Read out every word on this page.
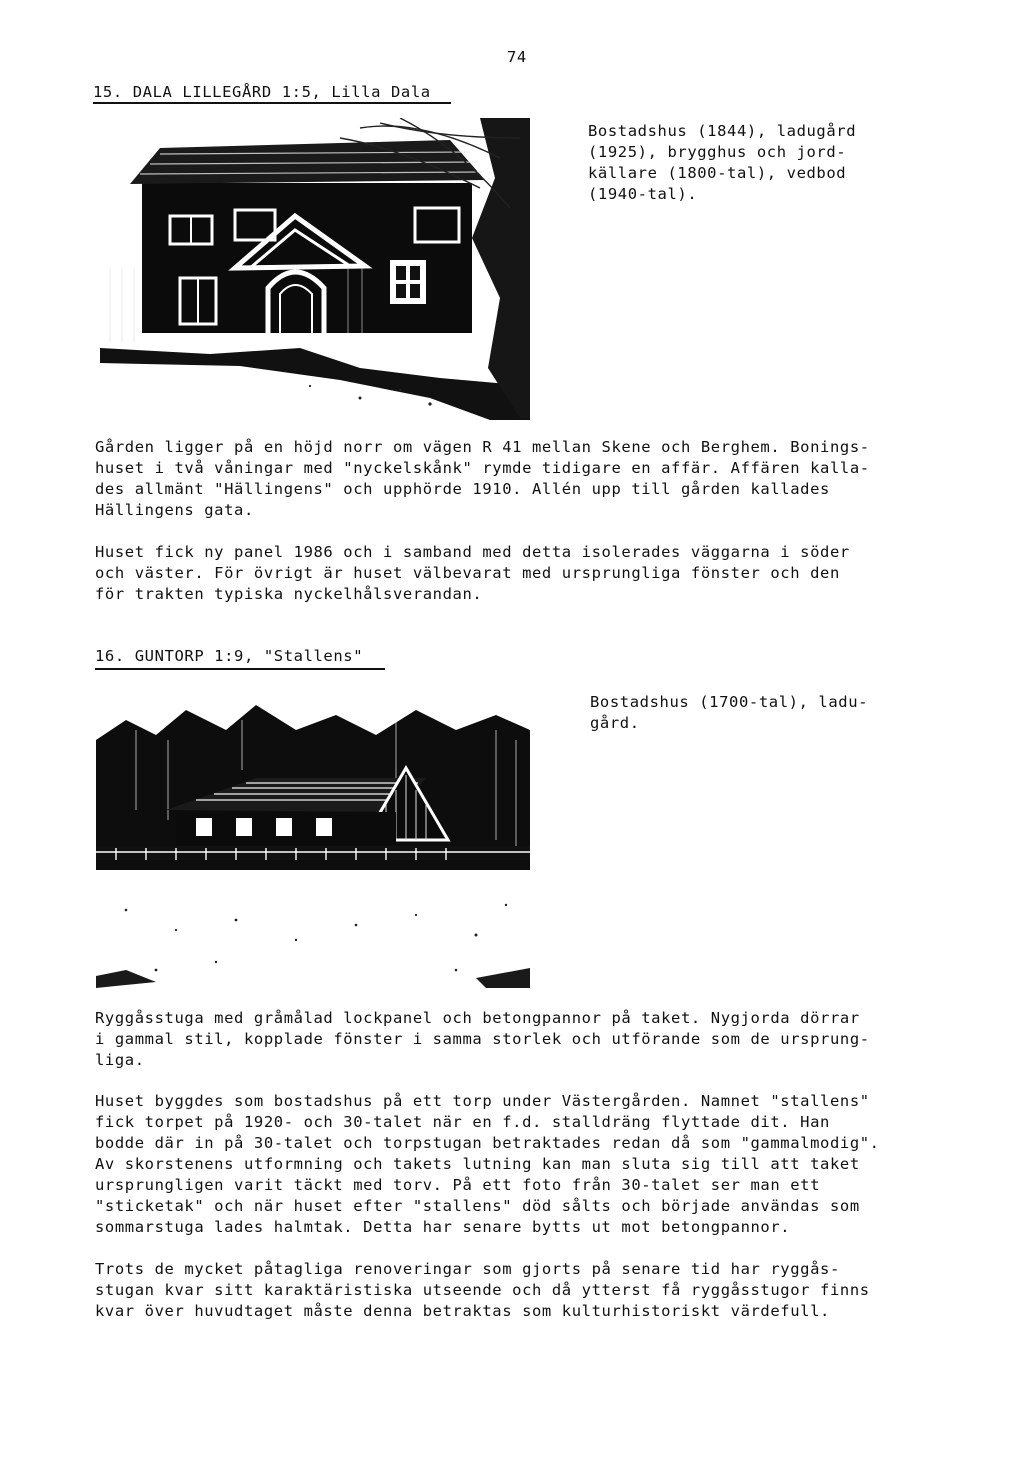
74
15. DALA LILLEGÅRD 1:5, Lilla Dala
Bostadshus (1844), ladugård
(1925), brygghus och jord-
källare (1800-tal), vedbod
(1940-tal).
Gården ligger på en höjd norr om vägen R 41 mellan Skene och Berghem. Bonings-
huset i två våningar med "nyckelskånk" rymde tidigare en affär. Affären kalla-
des allmänt "Hällingens" och upphörde 1910. Allén upp till gården kallades
Hällingens gata.
Huset fick ny panel 1986 och i samband med detta isolerades väggarna i söder
och väster. För övrigt är huset välbevarat med ursprungliga fönster och den
för trakten typiska nyckelhålsverandan.
16. GUNTORP 1:9, "Stallens"
Bostadshus (1700-tal), ladu-
gård.
Ryggåsstuga med gråmålad lockpanel och betongpannor på taket. Nygjorda dörrar
i gammal stil, kopplade fönster i samma storlek och utförande som de ursprung-
liga.
Huset byggdes som bostadshus på ett torp under Västergården. Namnet "stallens"
fick torpet på 1920- och 30-talet när en f.d. stalldräng flyttade dit. Han
bodde där in på 30-talet och torpstugan betraktades redan då som "gammalmodig".
Av skorstenens utformning och takets lutning kan man sluta sig till att taket
ursprungligen varit täckt med torv. På ett foto från 30-talet ser man ett
"sticketak" och när huset efter "stallens" död sålts och började användas som
sommarstuga lades halmtak. Detta har senare bytts ut mot betongpannor.
Trots de mycket påtagliga renoveringar som gjorts på senare tid har ryggås-
stugan kvar sitt karaktäristiska utseende och då ytterst få ryggåsstugor finns
kvar över huvudtaget måste denna betraktas som kulturhistoriskt värdefull.
